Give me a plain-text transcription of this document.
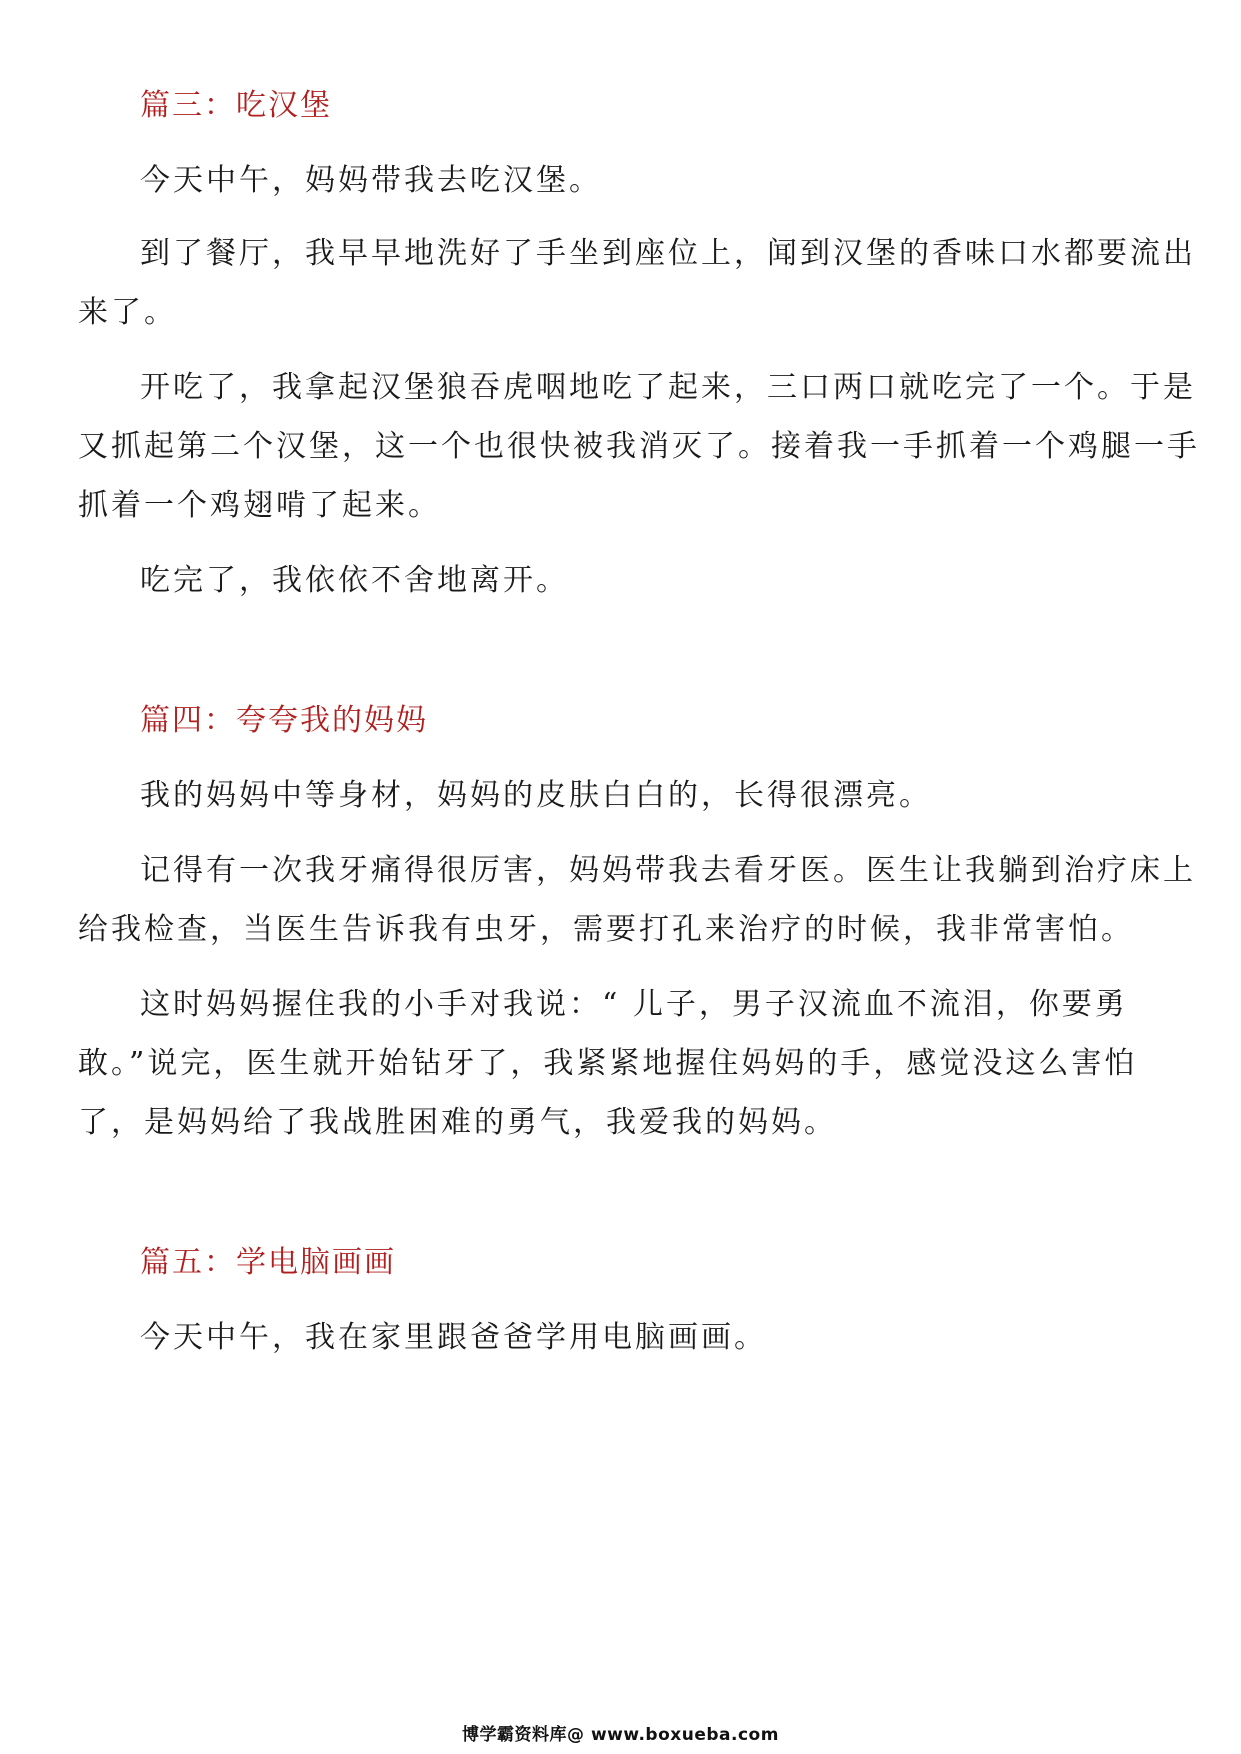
篇三：吃汉堡
今天中午，妈妈带我去吃汉堡。
到了餐厅，我早早地洗好了手坐到座位上，闻到汉堡的香味口水都要流出
来了。
开吃了，我拿起汉堡狼吞虎咽地吃了起来，三口两口就吃完了一个。于是
又抓起第二个汉堡，这一个也很快被我消灭了。接着我一手抓着一个鸡腿一手
抓着一个鸡翅啃了起来。
吃完了，我依依不舍地离开。
篇四：夸夸我的妈妈
我的妈妈中等身材，妈妈的皮肤白白的，长得很漂亮。
记得有一次我牙痛得很厉害，妈妈带我去看牙医。医生让我躺到治疗床上
给我检查，当医生告诉我有虫牙，需要打孔来治疗的时候，我非常害怕。
这时妈妈握住我的小手对我说：“ 儿子，男子汉流血不流泪，你要勇
敢。”说完，医生就开始钻牙了，我紧紧地握住妈妈的手，感觉没这么害怕
了，是妈妈给了我战胜困难的勇气，我爱我的妈妈。
篇五：学电脑画画
今天中午，我在家里跟爸爸学用电脑画画。
博学霸资料库@ www.boxueba.com
